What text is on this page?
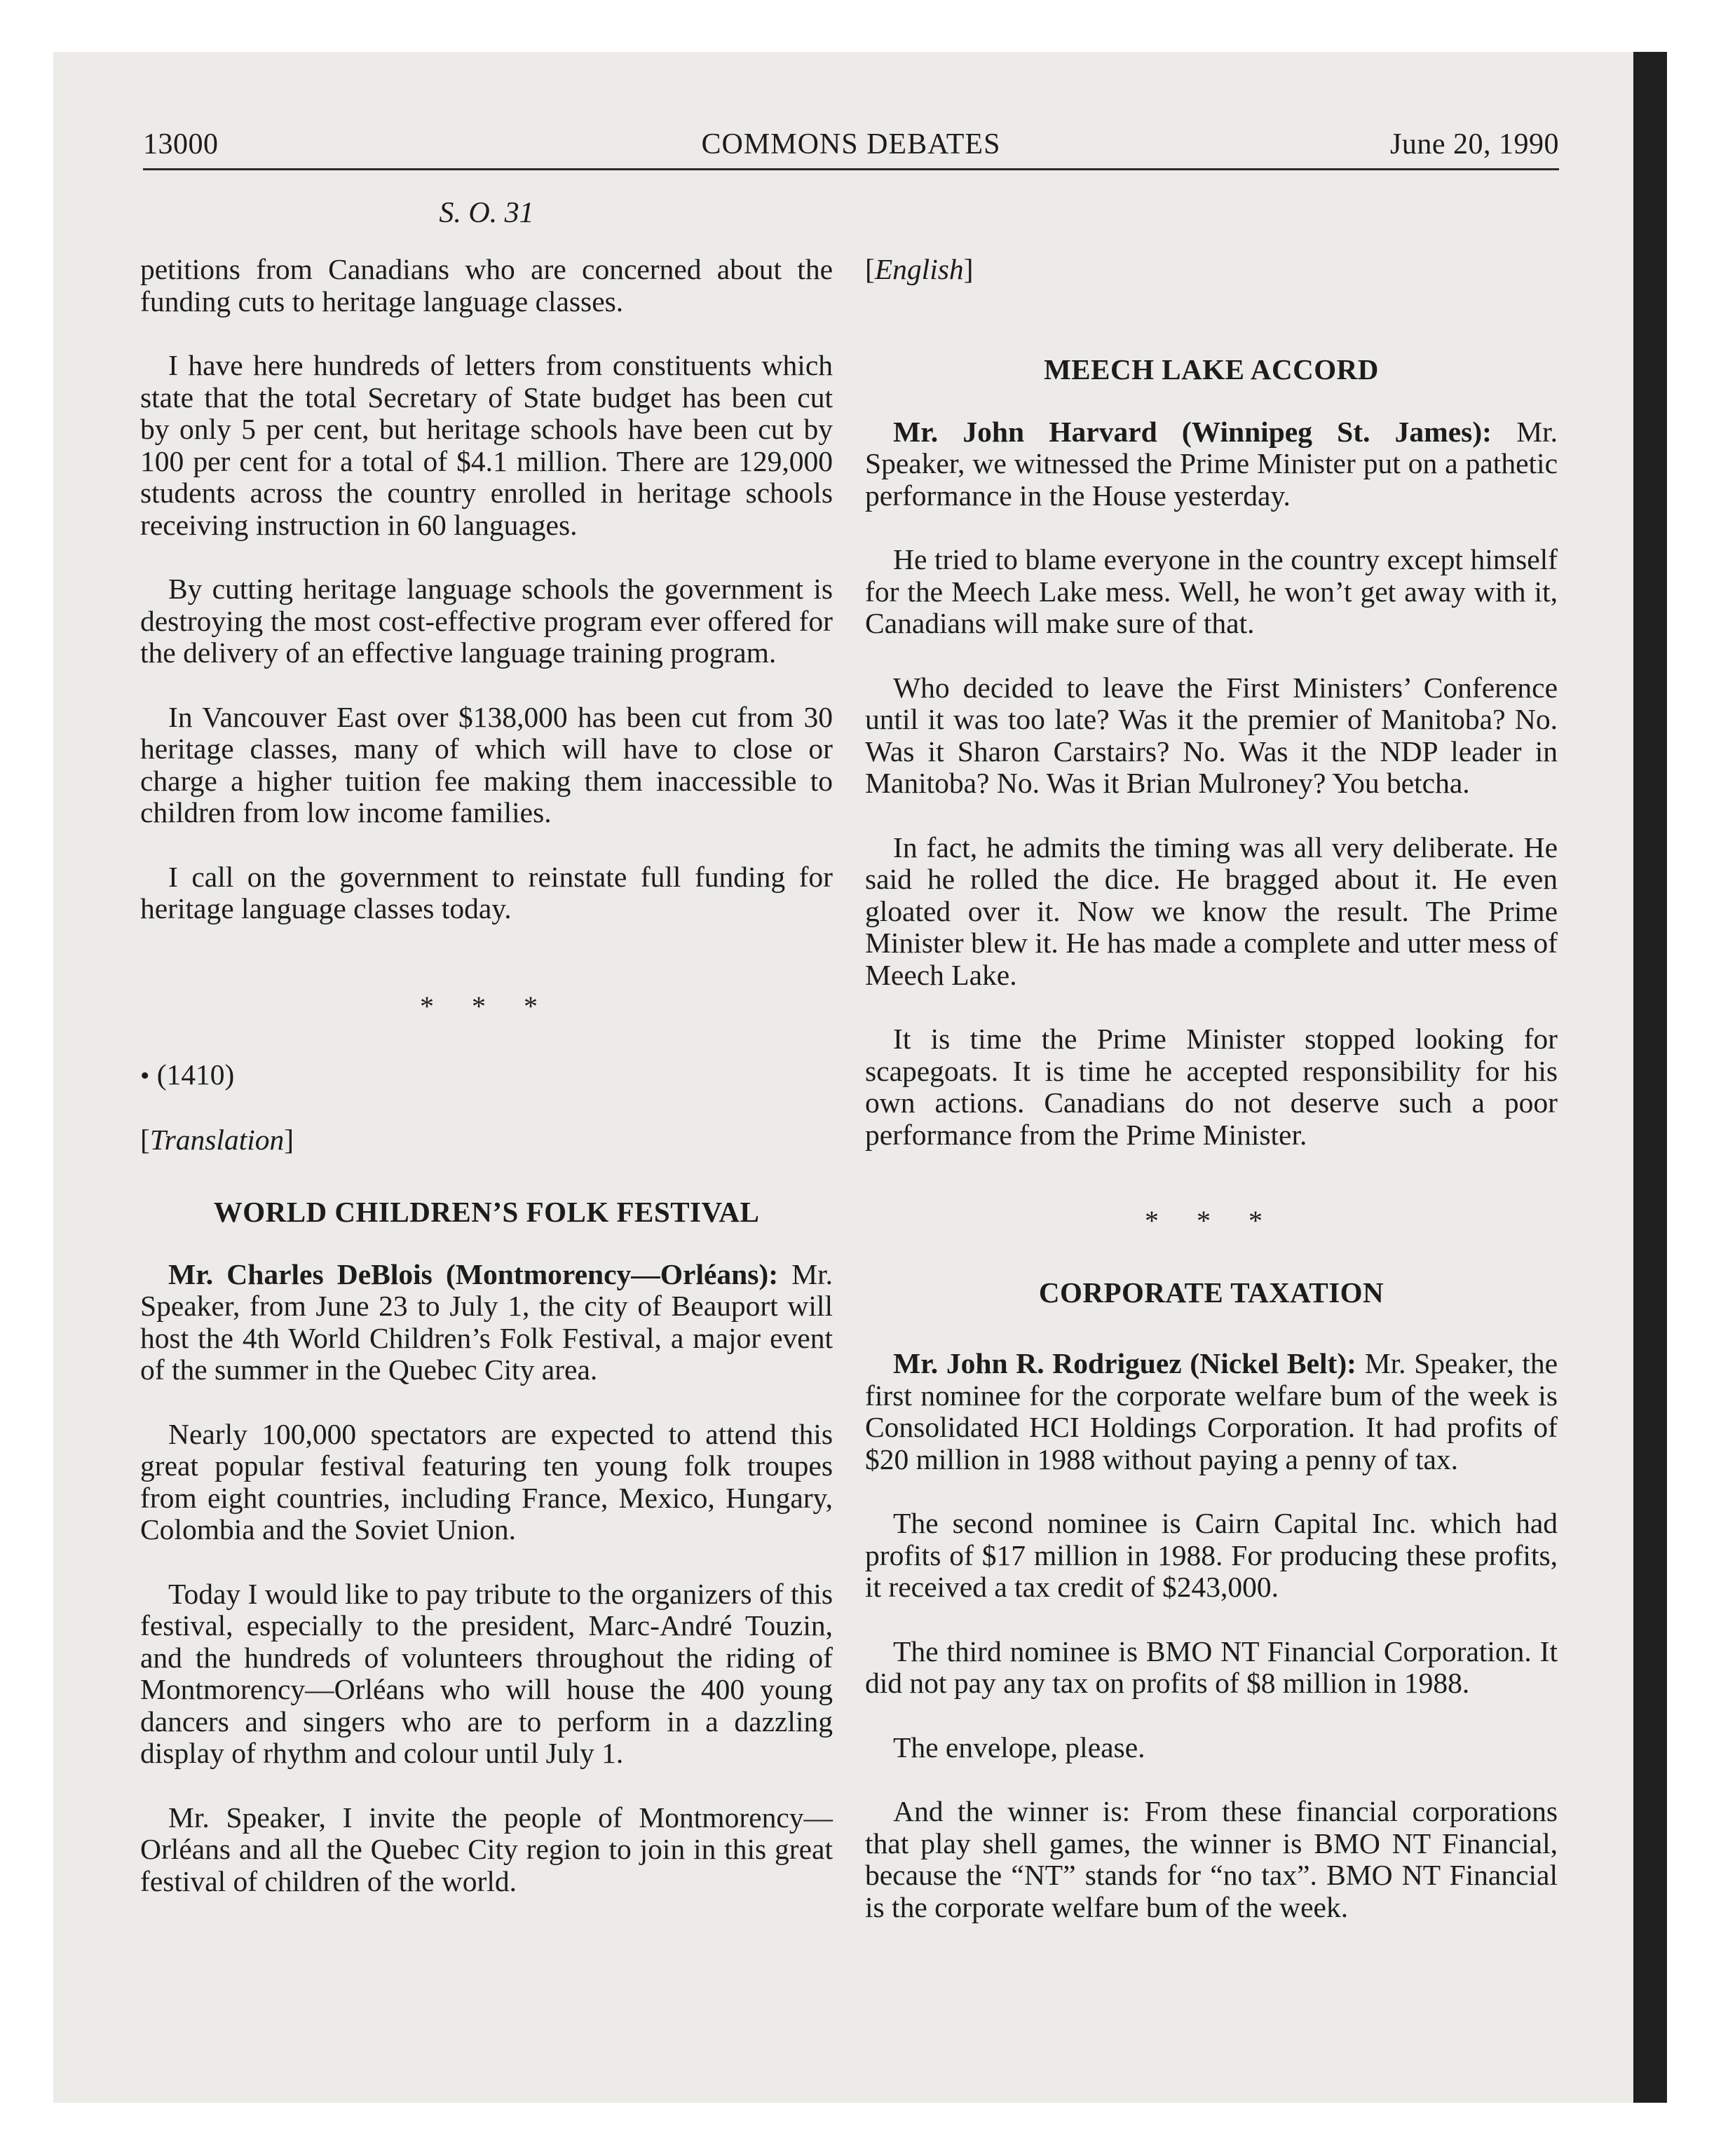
13000	COMMONS DEBATES	June 20, 1990
S. O. 31

petitions from Canadians who are concerned about the funding cuts to heritage language classes.

I have here hundreds of letters from constituents which state that the total Secretary of State budget has been cut by only 5 per cent, but heritage schools have been cut by 100 per cent for a total of $4.1 million. There are 129,000 students across the country enrolled in heritage schools receiving instruction in 60 languages.

By cutting heritage language schools the government is destroying the most cost-effective program ever offered for the delivery of an effective language training program.

In Vancouver East over $138,000 has been cut from 30 heritage classes, many of which will have to close or charge a higher tuition fee making them inaccessible to children from low income families.

I call on the government to reinstate full funding for heritage language classes today.

* * *
• (1410)
[Translation]
WORLD CHILDREN’S FOLK FESTIVAL

Mr. Charles DeBlois (Montmorency—Orléans): Mr. Speaker, from June 23 to July 1, the city of Beauport will host the 4th World Children’s Folk Festival, a major event of the summer in the Quebec City area.

Nearly 100,000 spectators are expected to attend this great popular festival featuring ten young folk troupes from eight countries, including France, Mexico, Hungary, Colombia and the Soviet Union.

Today I would like to pay tribute to the organizers of this festival, especially to the president, Marc-André Touzin, and the hundreds of volunteers throughout the riding of Montmorency—Orléans who will house the 400 young dancers and singers who are to perform in a dazzling display of rhythm and colour until July 1.

Mr. Speaker, I invite the people of Montmorency—Orléans and all the Quebec City region to join in this great festival of children of the world.

[English]
MEECH LAKE ACCORD

Mr. John Harvard (Winnipeg St. James): Mr. Speaker, we witnessed the Prime Minister put on a pathetic performance in the House yesterday.

He tried to blame everyone in the country except himself for the Meech Lake mess. Well, he won’t get away with it, Canadians will make sure of that.

Who decided to leave the First Ministers’ Conference until it was too late? Was it the premier of Manitoba? No. Was it Sharon Carstairs? No. Was it the NDP leader in Manitoba? No. Was it Brian Mulroney? You betcha.

In fact, he admits the timing was all very deliberate. He said he rolled the dice. He bragged about it. He even gloated over it. Now we know the result. The Prime Minister blew it. He has made a complete and utter mess of Meech Lake.

It is time the Prime Minister stopped looking for scapegoats. It is time he accepted responsibility for his own actions. Canadians do not deserve such a poor performance from the Prime Minister.

* * *
CORPORATE TAXATION

Mr. John R. Rodriguez (Nickel Belt): Mr. Speaker, the first nominee for the corporate welfare bum of the week is Consolidated HCI Holdings Corporation. It had profits of $20 million in 1988 without paying a penny of tax.

The second nominee is Cairn Capital Inc. which had profits of $17 million in 1988. For producing these profits, it received a tax credit of $243,000.

The third nominee is BMO NT Financial Corporation. It did not pay any tax on profits of $8 million in 1988.

The envelope, please.

And the winner is: From these financial corporations that play shell games, the winner is BMO NT Financial, because the “NT” stands for “no tax”. BMO NT Financial is the corporate welfare bum of the week.
